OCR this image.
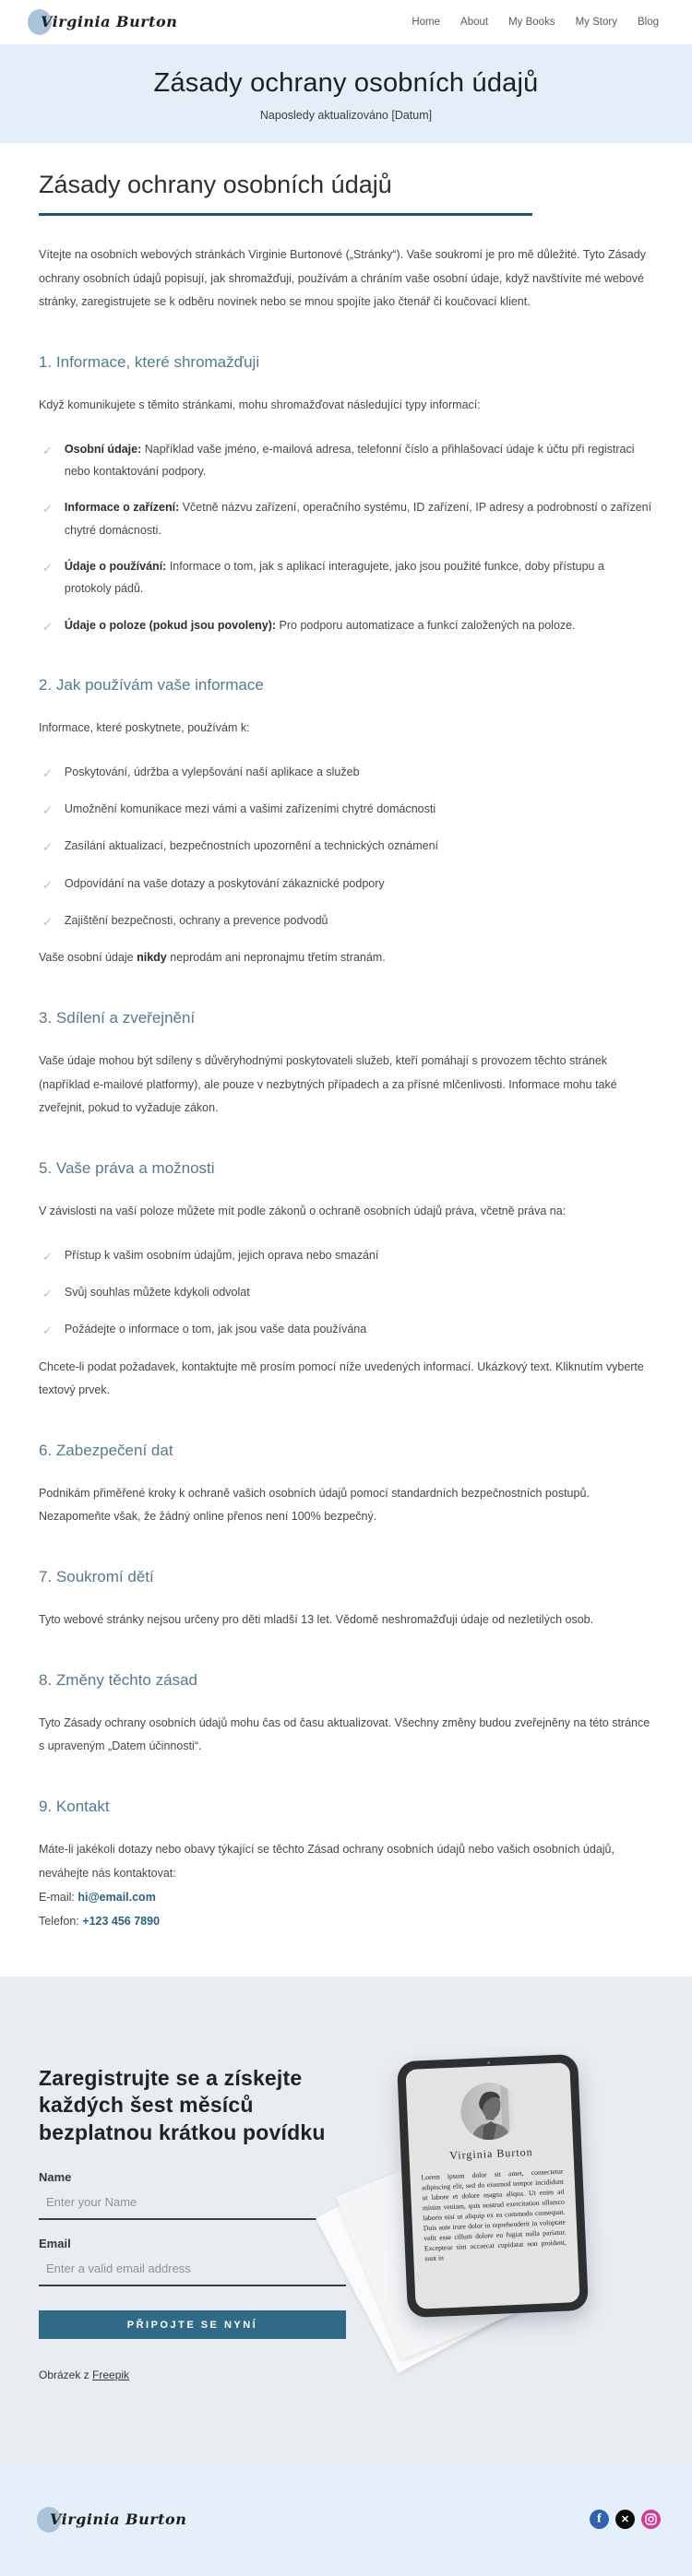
Virginia Burton	Home About My Books My Story Blog
Zásady ochrany osobních údajů
Naposledy aktualizováno [Datum]
Zásady ochrany osobních údajů

Vítejte na osobních webových stránkách Virginie Burtonové („Stránky“). Vaše soukromí je pro mě důležité. Tyto Zásady ochrany osobních údajů popisují, jak shromažďuji, používám a chráním vaše osobní údaje, když navštívíte mé webové stránky, zaregistrujete se k odběru novinek nebo se mnou spojíte jako čtenář či koučovací klient.

1. Informace, které shromažďuji

Když komunikujete s těmito stránkami, mohu shromažďovat následující typy informací:

✓ Osobní údaje: Například vaše jméno, e-mailová adresa, telefonní číslo a přihlašovací údaje k účtu při registraci nebo kontaktování podpory.
✓ Informace o zařízení: Včetně názvu zařízení, operačního systému, ID zařízení, IP adresy a podrobností o zařízení chytré domácnosti.
✓ Údaje o používání: Informace o tom, jak s aplikací interagujete, jako jsou použité funkce, doby přístupu a protokoly pádů.
✓ Údaje o poloze (pokud jsou povoleny): Pro podporu automatizace a funkcí založených na poloze.
2. Jak používám vaše informace

Informace, které poskytnete, používám k:

✓ Poskytování, údržba a vylepšování naší aplikace a služeb
✓ Umožnění komunikace mezi vámi a vašimi zařízeními chytré domácnosti
✓ Zasílání aktualizací, bezpečnostních upozornění a technických oznámení
✓ Odpovídání na vaše dotazy a poskytování zákaznické podpory
✓ Zajištění bezpečnosti, ochrany a prevence podvodů

Vaše osobní údaje nikdy neprodám ani nepronajmu třetím stranám.

3. Sdílení a zveřejnění

Vaše údaje mohou být sdíleny s důvěryhodnými poskytovateli služeb, kteří pomáhají s provozem těchto stránek (například e-mailové platformy), ale pouze v nezbytných případech a za přísné mlčenlivosti. Informace mohu také zveřejnit, pokud to vyžaduje zákon.

5. Vaše práva a možnosti

V závislosti na vaší poloze můžete mít podle zákonů o ochraně osobních údajů práva, včetně práva na:

✓ Přístup k vašim osobním údajům, jejich oprava nebo smazání
✓ Svůj souhlas můžete kdykoli odvolat
✓ Požádejte o informace o tom, jak jsou vaše data používána

Chcete-li podat požadavek, kontaktujte mě prosím pomocí níže uvedených informací. Ukázkový text. Kliknutím vyberte textový prvek.

6. Zabezpečení dat

Podnikám přiměřené kroky k ochraně vašich osobních údajů pomocí standardních bezpečnostních postupů. Nezapomeňte však, že žádný online přenos není 100% bezpečný.

7. Soukromí dětí

Tyto webové stránky nejsou určeny pro děti mladší 13 let. Vědomě neshromažďuji údaje od nezletilých osob.

8. Změny těchto zásad

Tyto Zásady ochrany osobních údajů mohu čas od času aktualizovat. Všechny změny budou zveřejněny na této stránce s upraveným „Datem účinnosti“.

9. Kontakt

Máte-li jakékoli dotazy nebo obavy týkající se těchto Zásad ochrany osobních údajů nebo vašich osobních údajů, neváhejte nás kontaktovat:

E-mail: hi@email.com

Telefon: +123 456 7890

Zaregistrujte se a získejte každých šest měsíců bezplatnou krátkou povídku
Name
Enter your Name
Email
Enter a valid email address
PŘIPOJTE SE NYNÍ
Obrázek z Freepik
Virginia Burton
Lorem ipsum dolor sit amet, consectetur adipiscing elit, sed do eiusmod tempor incididunt ut labore et dolore magna aliqua. Ut enim ad minim veniam, quis nostrud exercitation ullamco laboris nisi ut aliquip ex ea commodo consequat. Duis aute irure dolor in reprehenderit in voluptate velit esse cillum dolore eu fugiat nulla pariatur. Excepteur sint occaecat cupidatat non proident, sunt in
Virginia Burton	f ✕
